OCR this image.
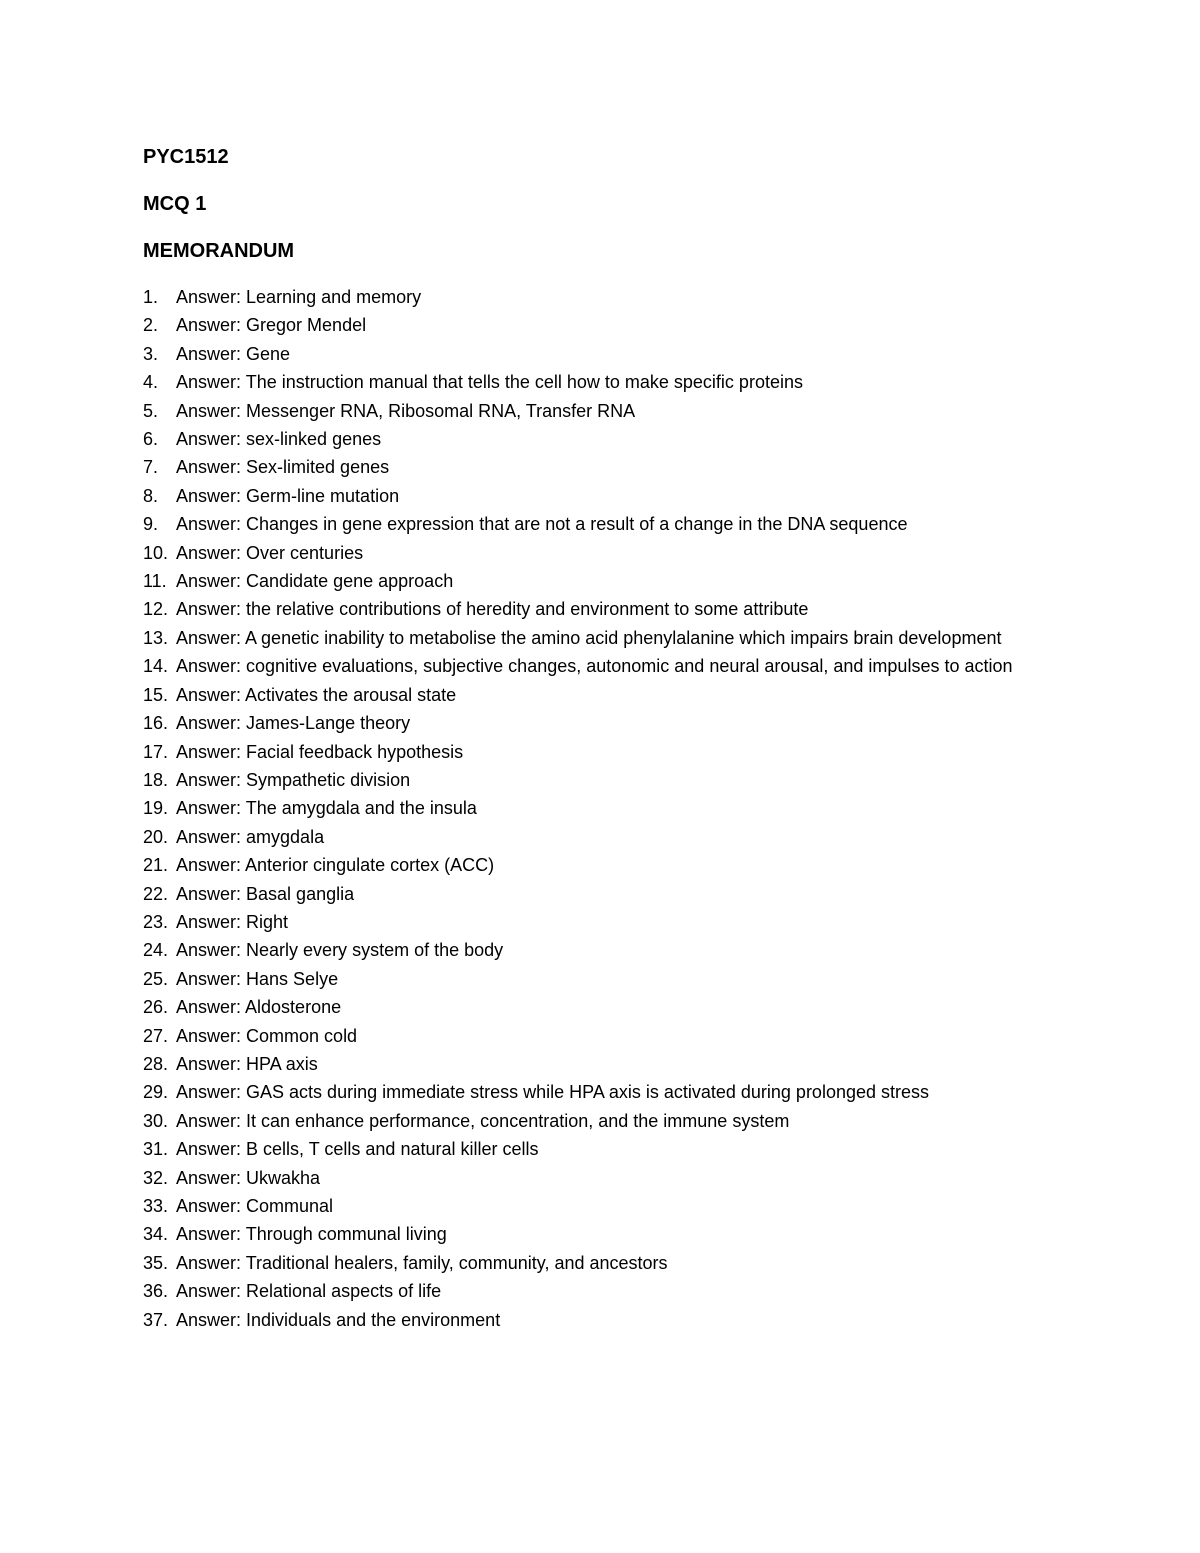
PYC1512
MCQ 1
MEMORANDUM
1. Answer: Learning and memory
2. Answer: Gregor Mendel
3. Answer: Gene
4. Answer: The instruction manual that tells the cell how to make specific proteins
5. Answer: Messenger RNA, Ribosomal RNA, Transfer RNA
6. Answer: sex-linked genes
7. Answer: Sex-limited genes
8. Answer: Germ-line mutation
9. Answer: Changes in gene expression that are not a result of a change in the DNA sequence
10. Answer: Over centuries
11. Answer: Candidate gene approach
12. Answer: the relative contributions of heredity and environment to some attribute
13. Answer: A genetic inability to metabolise the amino acid phenylalanine which impairs brain development
14. Answer: cognitive evaluations, subjective changes, autonomic and neural arousal, and impulses to action
15. Answer: Activates the arousal state
16. Answer: James-Lange theory
17. Answer: Facial feedback hypothesis
18. Answer: Sympathetic division
19. Answer: The amygdala and the insula
20. Answer: amygdala
21. Answer: Anterior cingulate cortex (ACC)
22. Answer: Basal ganglia
23. Answer: Right
24. Answer: Nearly every system of the body
25. Answer: Hans Selye
26. Answer: Aldosterone
27. Answer: Common cold
28. Answer: HPA axis
29. Answer: GAS acts during immediate stress while HPA axis is activated during prolonged stress
30. Answer: It can enhance performance, concentration, and the immune system
31. Answer: B cells, T cells and natural killer cells
32. Answer: Ukwakha
33. Answer: Communal
34. Answer: Through communal living
35. Answer: Traditional healers, family, community, and ancestors
36. Answer: Relational aspects of life
37. Answer: Individuals and the environment
